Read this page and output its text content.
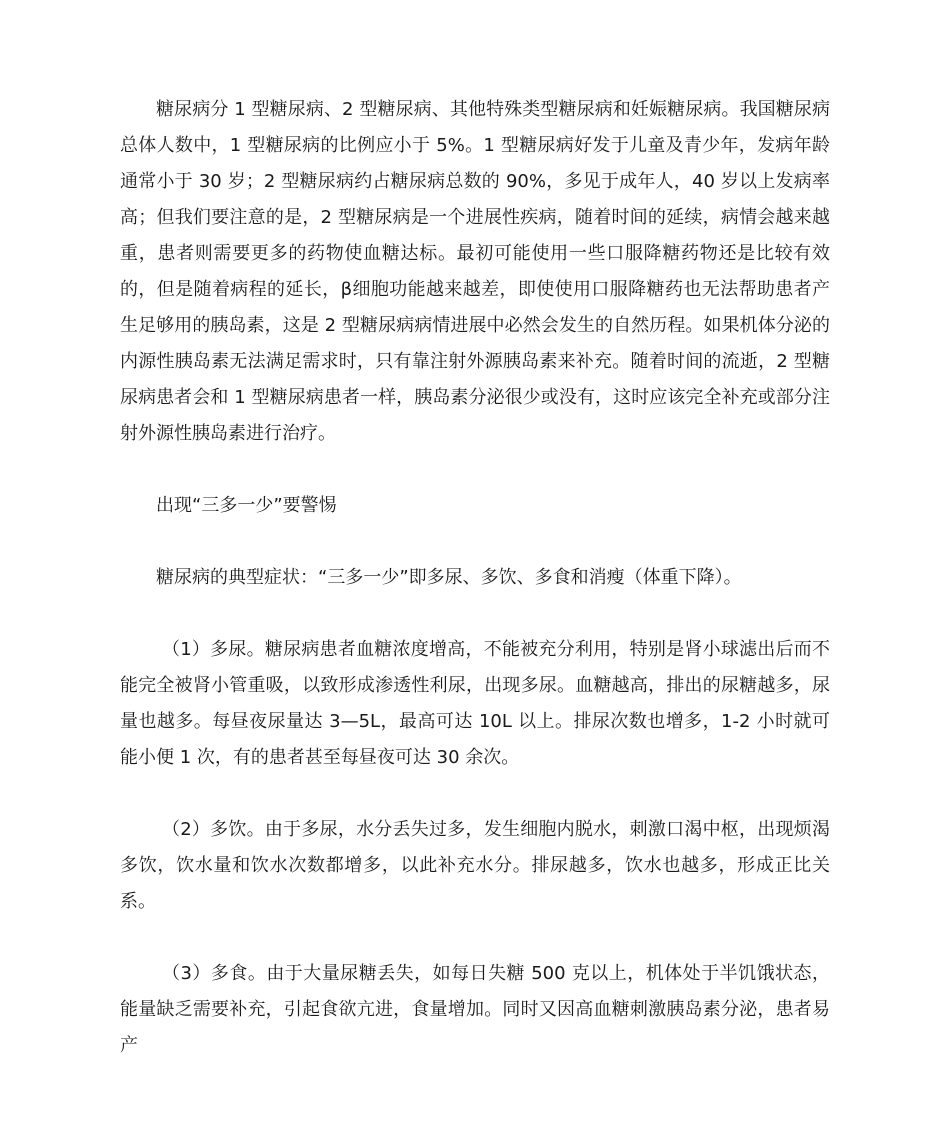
糖尿病分 1 型糖尿病、2 型糖尿病、其他特殊类型糖尿病和妊娠糖尿病。我国糖尿病总体人数中，1 型糖尿病的比例应小于 5%。1 型糖尿病好发于儿童及青少年，发病年龄通常小于 30 岁；2 型糖尿病约占糖尿病总数的 90%，多见于成年人，40 岁以上发病率高；但我们要注意的是，2 型糖尿病是一个进展性疾病，随着时间的延续，病情会越来越重，患者则需要更多的药物使血糖达标。最初可能使用一些口服降糖药物还是比较有效的，但是随着病程的延长，β细胞功能越来越差，即使使用口服降糖药也无法帮助患者产生足够用的胰岛素，这是 2 型糖尿病病情进展中必然会发生的自然历程。如果机体分泌的内源性胰岛素无法满足需求时，只有靠注射外源胰岛素来补充。随着时间的流逝，2 型糖尿病患者会和 1 型糖尿病患者一样，胰岛素分泌很少或没有，这时应该完全补充或部分注射外源性胰岛素进行治疗。

出现“三多一少”要警惕

糖尿病的典型症状：“三多一少”即多尿、多饮、多食和消瘦（体重下降）。

（1）多尿。糖尿病患者血糖浓度增高，不能被充分利用，特别是肾小球滤出后而不能完全被肾小管重吸，以致形成渗透性利尿，出现多尿。血糖越高，排出的尿糖越多，尿量也越多。每昼夜尿量达 3—5L，最高可达 10L 以上。排尿次数也增多，1-2 小时就可能小便 1 次，有的患者甚至每昼夜可达 30 余次。

（2）多饮。由于多尿，水分丢失过多，发生细胞内脱水，刺激口渴中枢，出现烦渴多饮，饮水量和饮水次数都增多，以此补充水分。排尿越多，饮水也越多，形成正比关系。

（3）多食。由于大量尿糖丢失，如每日失糖 500 克以上，机体处于半饥饿状态，能量缺乏需要补充，引起食欲亢进，食量增加。同时又因高血糖刺激胰岛素分泌，患者易产
